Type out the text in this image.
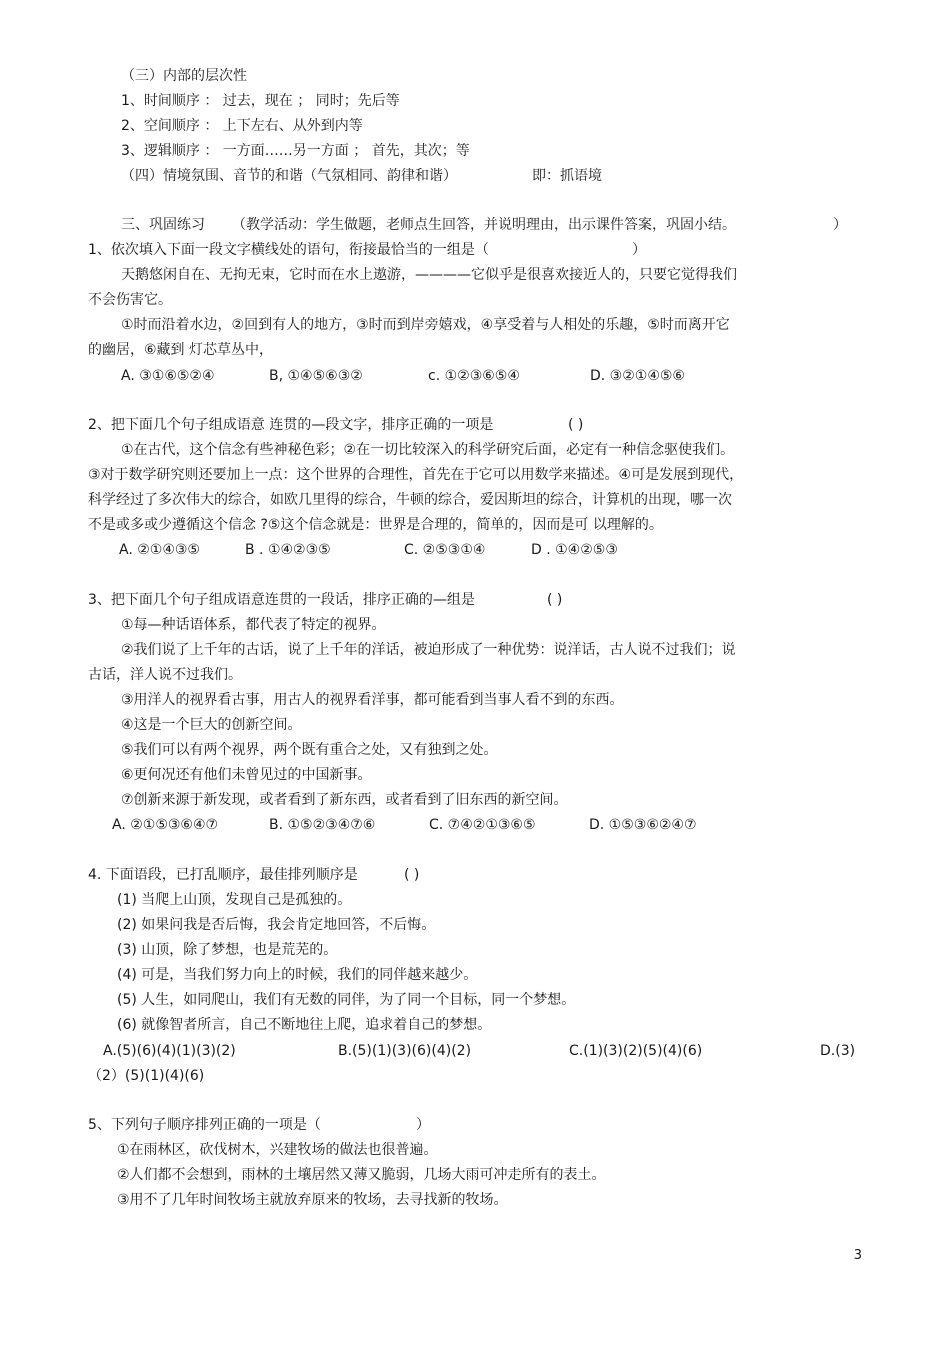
（三）内部的层次性
1、时间顺序 ： 过去，现在 ； 同时；先后等
2、空间顺序 ： 上下左右、从外到内等
3、逻辑顺序 ： 一方面……另一方面 ； 首先，其次；等
（四）情境氛围、音节的和谐（气氛相同、韵律和谐）	即：抓语境
三、巩固练习 （教学活动：学生做题，老师点生回答，并说明理由，出示课件答案，巩固小结。	）
1、依次填入下面一段文字横线处的语句，衔接最恰当的一组是（	）
天鹅悠闲自在、无拘无束，它时而在水上遨游，————它似乎是很喜欢接近人的，只要它觉得我们
不会伤害它。
①时而沿着水边，②回到有人的地方，③时而到岸旁嬉戏，④享受着与人相处的乐趣，⑤时而离开它
的幽居，⑥藏到 灯芯草丛中，
A. ③①⑥⑤②④	B, ①④⑤⑥③②	c. ①②③⑥⑤④	D. ③②①④⑤⑥
2、把下面几个句子组成语意 连贯的—段文字，排序正确的一项是	( )
①在古代，这个信念有些神秘色彩；②在一切比较深入的科学研究后面，必定有一种信念驱使我们。
③对于数学研究则还要加上一点：这个世界的合理性，首先在于它可以用数学来描述。④可是发展到现代，
科学经过了多次伟大的综合，如欧几里得的综合，牛顿的综合，爱因斯坦的综合，计算机的出现，哪一次
不是或多或少遵循这个信念 ?⑤这个信念就是：世界是合理的，简单的，因而是可 以理解的。
A. ②①④③⑤	B . ①④②③⑤	C. ②⑤③①④	D . ①④②⑤③
3、把下面几个句子组成语意连贯的一段话，排序正确的—组是	( )
①每—种话语体系，都代表了特定的视界。
②我们说了上千年的古话，说了上千年的洋话，被迫形成了一种优势：说洋话，古人说不过我们；说
古话，洋人说不过我们。
③用洋人的视界看古事，用古人的视界看洋事，都可能看到当事人看不到的东西。
④这是一个巨大的创新空间。
⑤我们可以有两个视界，两个既有重合之处，又有独到之处。
⑥更何况还有他们未曾见过的中国新事。
⑦创新来源于新发现，或者看到了新东西，或者看到了旧东西的新空间。
A. ②①⑤③⑥④⑦	B. ①⑤②③④⑦⑥	C. ⑦④②①③⑥⑤	D. ①⑤③⑥②④⑦
4. 下面语段，已打乱顺序，最佳排列顺序是	( )
(1) 当爬上山顶，发现自己是孤独的。
(2) 如果问我是否后悔，我会肯定地回答，不后悔。
(3) 山顶，除了梦想，也是荒芜的。
(4) 可是，当我们努力向上的时候，我们的同伴越来越少。
(5) 人生，如同爬山，我们有无数的同伴，为了同一个目标，同一个梦想。
(6) 就像智者所言，自己不断地往上爬，追求着自己的梦想。
A.(5)(6)(4)(1)(3)(2)	B.(5)(1)(3)(6)(4)(2)	C.(1)(3)(2)(5)(4)(6)	D.(3)
（2）(5)(1)(4)(6)
5、下列句子顺序排列正确的一项是（	）
①在雨林区，砍伐树木，兴建牧场的做法也很普遍。
②人们都不会想到，雨林的土壤居然又薄又脆弱，几场大雨可冲走所有的表土。
③用不了几年时间牧场主就放弃原来的牧场，去寻找新的牧场。
3
